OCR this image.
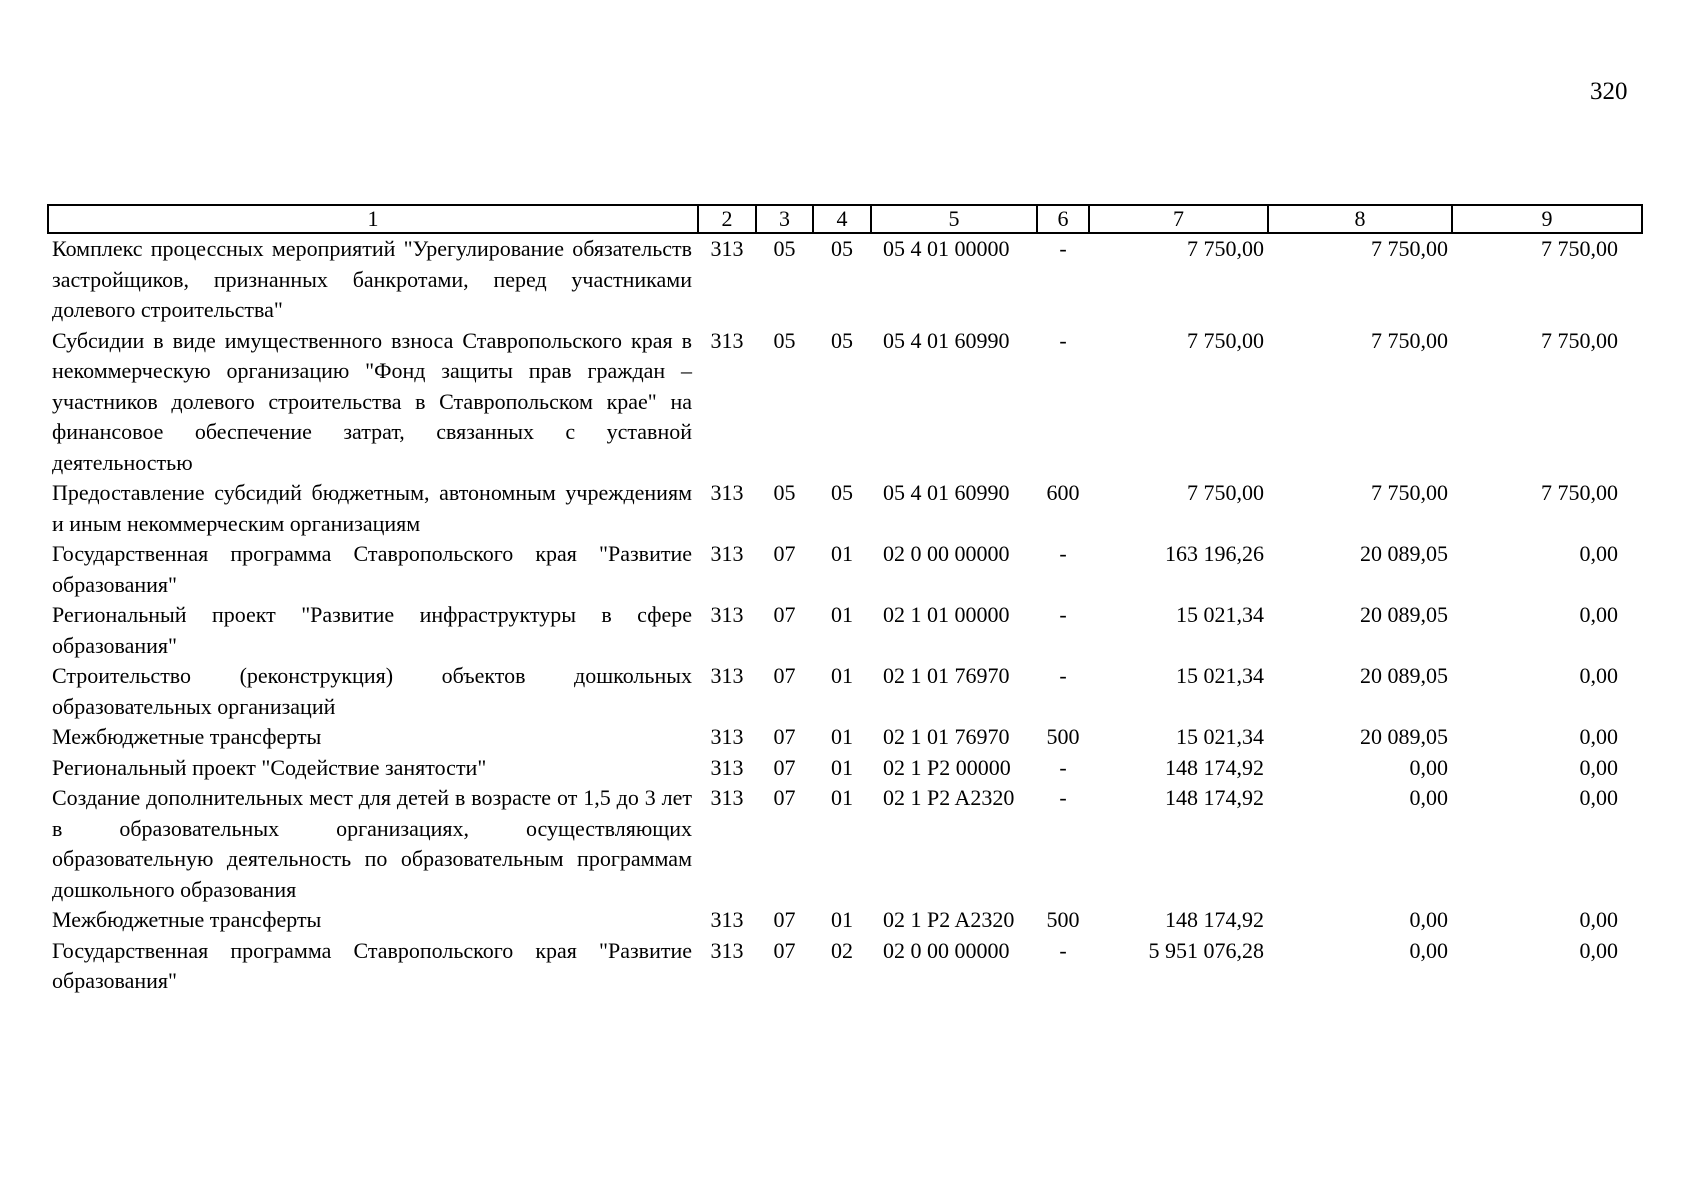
320
1	2	3	4	5	6	7	8	9
Комплекс процессных мероприятий "Урегулирование обязательств застройщиков, признанных банкротами, перед участниками долевого строительства"	313	05	05	05 4 01 00000	-	7 750,00	7 750,00	7 750,00
Субсидии в виде имущественного взноса Ставропольского края в некоммерческую организацию "Фонд защиты прав граждан – участников долевого строительства в Ставропольском крае" на финансовое обеспечение затрат, связанных с уставной деятельностью	313	05	05	05 4 01 60990	-	7 750,00	7 750,00	7 750,00
Предоставление субсидий бюджетным, автономным учреждениям и иным некоммерческим организациям	313	05	05	05 4 01 60990	600	7 750,00	7 750,00	7 750,00
Государственная программа Ставропольского края "Развитие образования"	313	07	01	02 0 00 00000	-	163 196,26	20 089,05	0,00
Региональный проект "Развитие инфраструктуры в сфере образования"	313	07	01	02 1 01 00000	-	15 021,34	20 089,05	0,00
Строительство (реконструкция) объектов дошкольных образовательных организаций	313	07	01	02 1 01 76970	-	15 021,34	20 089,05	0,00
Межбюджетные трансферты	313	07	01	02 1 01 76970	500	15 021,34	20 089,05	0,00
Региональный проект "Содействие занятости"	313	07	01	02 1 P2 00000	-	148 174,92	0,00	0,00
Создание дополнительных мест для детей в возрасте от 1,5 до 3 лет в образовательных организациях, осуществляющих образовательную деятельность по образовательным программам дошкольного образования	313	07	01	02 1 P2 A2320	-	148 174,92	0,00	0,00
Межбюджетные трансферты	313	07	01	02 1 P2 A2320	500	148 174,92	0,00	0,00
Государственная программа Ставропольского края "Развитие образования"	313	07	02	02 0 00 00000	-	5 951 076,28	0,00	0,00
